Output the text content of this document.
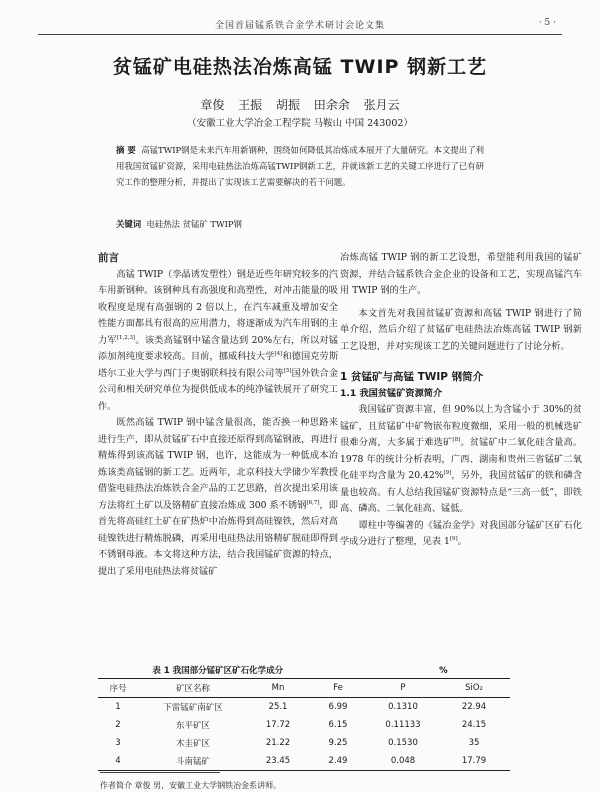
全国首届锰系铁合金学术研讨会论文集	· 5 ·
贫锰矿电硅热法冶炼高锰 TWIP 钢新工艺
章俊 王振 胡振 田余余 张月云
（安徽工业大学冶金工程学院 马鞍山 中国 243002）
摘 要 高锰TWIP钢是未来汽车用新钢种，围绕如何降低其冶炼成本展开了大量研究。本文提出了利用我国贫锰矿资源，采用电硅热法冶炼高锰TWIP钢新工艺，并就该新工艺的关键工序进行了已有研究工作的整理分析，并提出了实现该工艺需要解决的若干问题。
关键词 电硅热法 贫锰矿 TWIP钢

前言

高锰 TWIP（孪晶诱发塑性）钢是近些年研究较多的汽车用新钢种。该钢种具有高强度和高塑性，对冲击能量的吸收程度是现有高强钢的 2 倍以上，在汽车减重及增加安全性能方面都具有很高的应用潜力，将逐渐成为汽车用钢的主力军[1,2,3]。该类高锰钢中锰含量达到 20%左右，所以对锰添加剂纯度要求较高。目前，挪威科技大学[4]和德国克劳斯塔尔工业大学与西门子奥钢联科技有限公司等[5]国外铁合金公司和相关研究单位为提供低成本的纯净锰铁展开了研究工作。

既然高锰 TWIP 钢中锰含量很高，能否换一种思路来进行生产，即从贫锰矿石中直接还原得到高锰钢液，再进行精炼得到该高锰 TWIP 钢，也许，这能成为一种低成本冶炼该类高锰钢的新工艺。近两年，北京科技大学储少军教授借鉴电硅热法冶炼铁合金产品的工艺思路，首次提出采用该方法将红土矿以及铬精矿直接冶炼成 300 系不锈钢[6,7]，即首先将高硅红土矿在矿热炉中冶炼得到高硅镍铁，然后对高硅镍铁进行精炼脱磷，再采用电硅热法用铬精矿脱硅即得到不锈钢母液。本文将这种方法，结合我国锰矿资源的特点，提出了采用电硅热法将贫锰矿

冶炼高锰 TWIP 钢的新工艺设想，希望能利用我国的锰矿资源，并结合锰系铁合金企业的设备和工艺，实现高锰汽车用 TWIP 钢的生产。

本文首先对我国贫锰矿资源和高锰 TWIP 钢进行了简单介绍，然后介绍了贫锰矿电硅热法冶炼高锰 TWIP 钢新工艺设想，并对实现该工艺的关键问题进行了讨论分析。

1 贫锰矿与高锰 TWIP 钢简介

1.1 我国贫锰矿资源简介

我国锰矿资源丰富，但 90%以上为含锰小于 30%的贫锰矿，且贫锰矿中矿物嵌布粒度微细，采用一般的机械选矿很难分离，大多属于难选矿[8]。贫锰矿中二氧化硅含量高。1978 年的统计分析表明，广西、湖南和贵州三省锰矿二氧化硅平均含量为 20.42%[9]，另外，我国贫锰矿的铁和磷含量也较高。有人总结我国锰矿资源特点是“三高一低”，即铁高、磷高、二氧化硅高、锰低。

谭柱中等编著的《锰冶金学》对我国部分锰矿区矿石化学成分进行了整理，见表 1[9]。

表 1 我国部分锰矿区矿石化学成分	%
序号	矿区名称	Mn	Fe	P	SiO₂
1	下雷锰矿南矿区	25.1	6.99	0.1310	22.94
2	东平矿区	17.72	6.15	0.11133	24.15
3	木圭矿区	21.22	9.25	0.1530	35
4	斗南锰矿	23.45	2.49	0.048	17.79
作者简介 章俊 男，安徽工业大学钢铁冶金系讲师。
